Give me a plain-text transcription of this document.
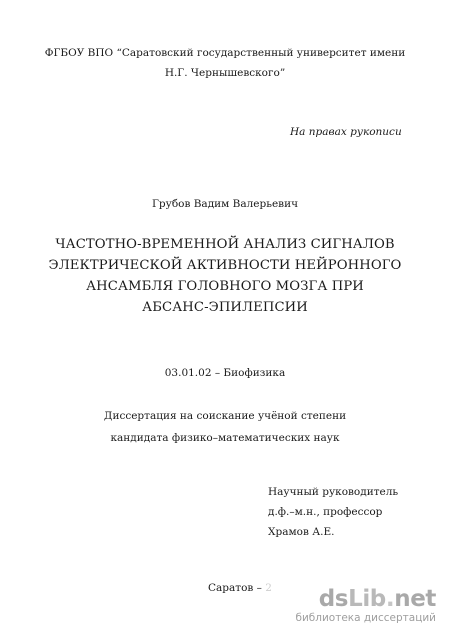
ФГБОУ ВПО “Саратовский государственный университет имени
Н.Г. Чернышевского”
На правах рукописи
Грубов Вадим Валерьевич
ЧАСТОТНО-ВРЕМЕННОЙ АНАЛИЗ СИГНАЛОВ
ЭЛЕКТРИЧЕСКОЙ АКТИВНОСТИ НЕЙРОННОГО
АНСАМБЛЯ ГОЛОВНОГО МОЗГА ПРИ
АБСАНС-ЭПИЛЕПСИИ
03.01.02 – Биофизика
Диссертация на соискание учёной степени
кандидата физико–математических наук
Научный руководитель
д.ф.–м.н., профессор
Храмов А.Е.
Саратов – 2	dsLib.net
библиотека диссертаций
